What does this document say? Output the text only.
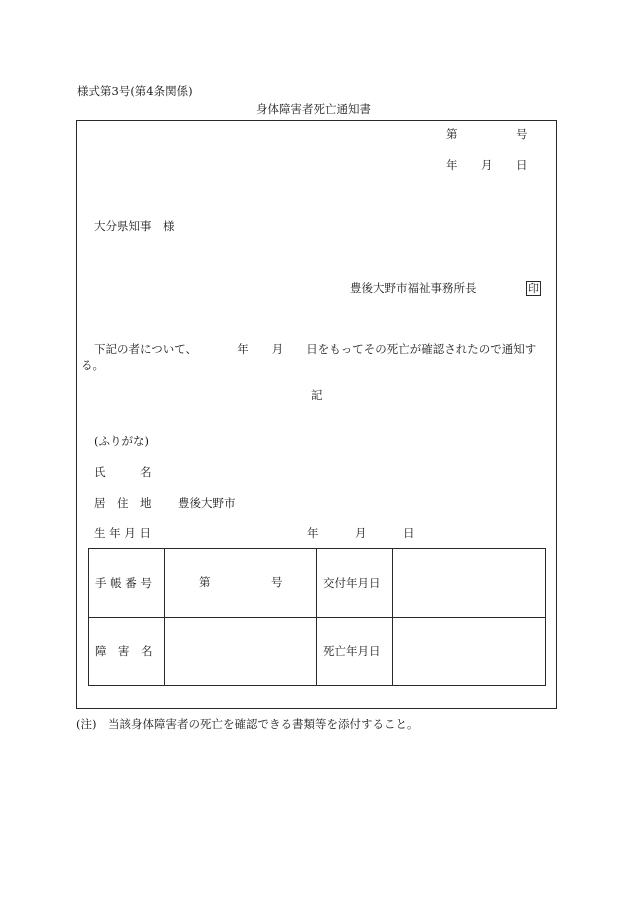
様式第3号(第4条関係)
身体障害者死亡通知書
第	号
年 月 日
大分県知事　様
豊後大野市福祉事務所長	印
下記の者について、　　　　年　　月　　日をもってその死亡が確認されたので通知す
る。
記
(ふりがな)
氏　　　名
居　住　地 豊後大野市
生 年 月 日	年	月	日
手 帳 番 号	第 号	交付年月日	
障　害　名		死亡年月日	
(注)　当該身体障害者の死亡を確認できる書類等を添付すること。
